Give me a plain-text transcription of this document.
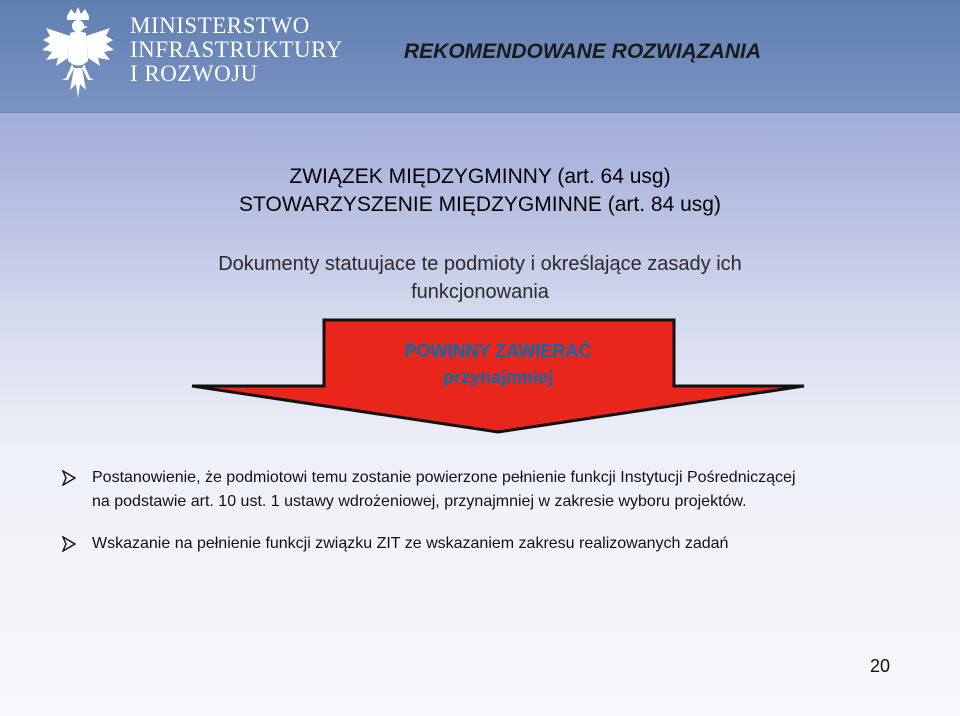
MINISTERSTWO
INFRASTRUKTURY
I ROZWOJU
REKOMENDOWANE ROZWIĄZANIA
ZWIĄZEK MIĘDZYGMINNY (art. 64 usg)
STOWARZYSZENIE MIĘDZYGMINNE (art. 84 usg)
Dokumenty statuujace te podmioty i określające zasady ich
funkcjonowania
POWINNY ZAWIERAĆ
przynajmniej
Postanowienie, że podmiotowi temu zostanie powierzone pełnienie funkcji Instytucji Pośredniczącej
na podstawie art. 10 ust. 1 ustawy wdrożeniowej, przynajmniej w zakresie wyboru projektów.
Wskazanie na pełnienie funkcji związku ZIT ze wskazaniem zakresu realizowanych zadań
20
